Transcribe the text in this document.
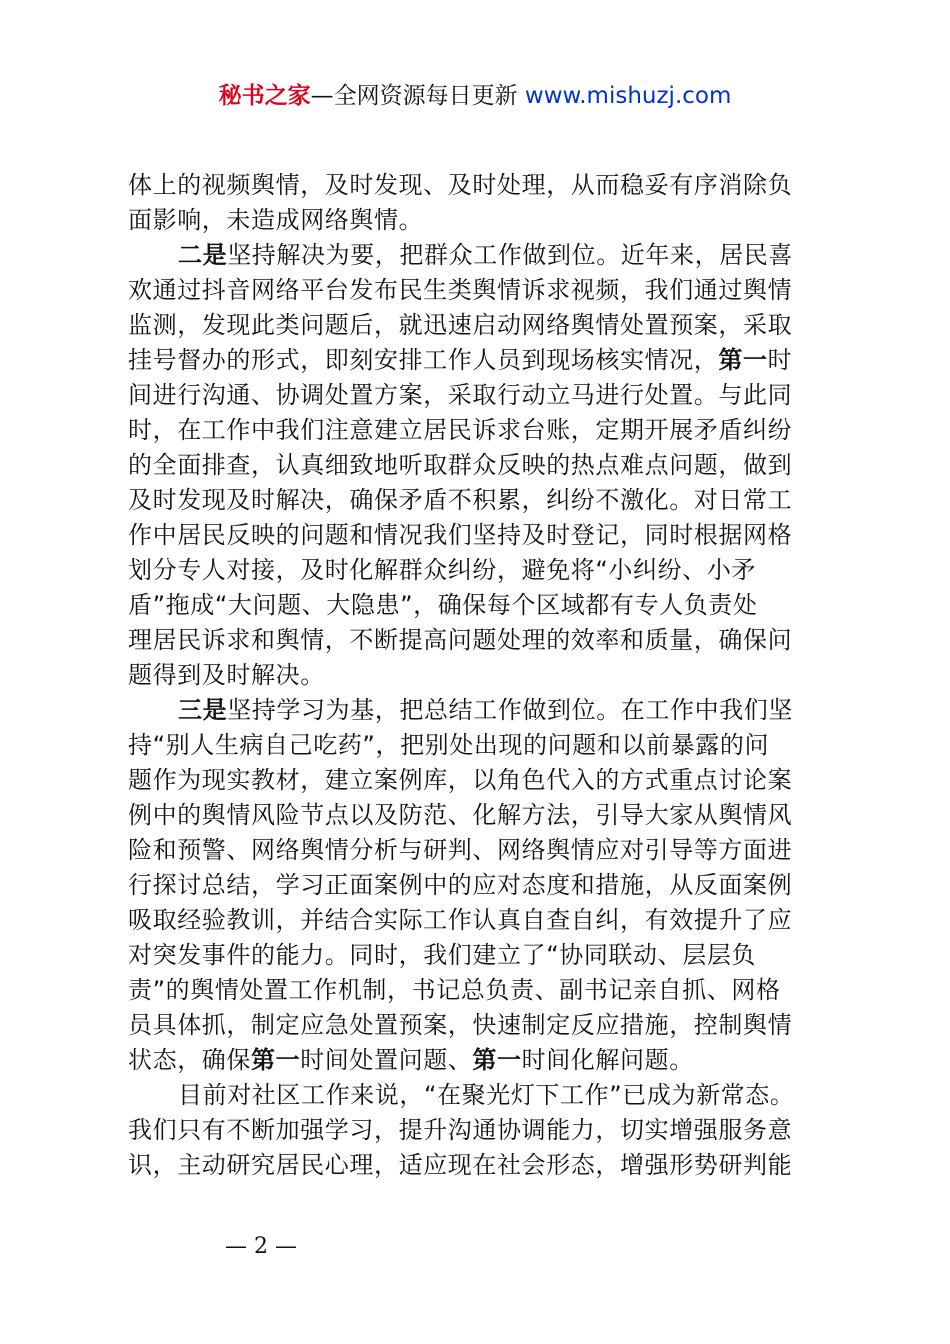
秘书之家—全网资源每日更新 www.mishuzj.com
体上的视频舆情，及时发现、及时处理，从而稳妥有序消除负
面影响，未造成网络舆情。
二是坚持解决为要，把群众工作做到位。近年来，居民喜
欢通过抖音网络平台发布民生类舆情诉求视频，我们通过舆情
监测，发现此类问题后，就迅速启动网络舆情处置预案，采取
挂号督办的形式，即刻安排工作人员到现场核实情况，第一时
间进行沟通、协调处置方案，采取行动立马进行处置。与此同
时，在工作中我们注意建立居民诉求台账，定期开展矛盾纠纷
的全面排查，认真细致地听取群众反映的热点难点问题，做到
及时发现及时解决，确保矛盾不积累，纠纷不激化。对日常工
作中居民反映的问题和情况我们坚持及时登记，同时根据网格
划分专人对接，及时化解群众纠纷，避免将“小纠纷、小矛
盾”拖成“大问题、大隐患”，确保每个区域都有专人负责处
理居民诉求和舆情，不断提高问题处理的效率和质量，确保问
题得到及时解决。
三是坚持学习为基，把总结工作做到位。在工作中我们坚
持“别人生病自己吃药”，把别处出现的问题和以前暴露的问
题作为现实教材，建立案例库，以角色代入的方式重点讨论案
例中的舆情风险节点以及防范、化解方法，引导大家从舆情风
险和预警、网络舆情分析与研判、网络舆情应对引导等方面进
行探讨总结，学习正面案例中的应对态度和措施，从反面案例
吸取经验教训，并结合实际工作认真自查自纠，有效提升了应
对突发事件的能力。同时，我们建立了“协同联动、层层负
责”的舆情处置工作机制，书记总负责、副书记亲自抓、网格
员具体抓，制定应急处置预案，快速制定反应措施，控制舆情
状态，确保第一时间处置问题、第一时间化解问题。
目前对社区工作来说，“在聚光灯下工作”已成为新常态。
我们只有不断加强学习，提升沟通协调能力，切实增强服务意
识，主动研究居民心理，适应现在社会形态，增强形势研判能
— 2 —
